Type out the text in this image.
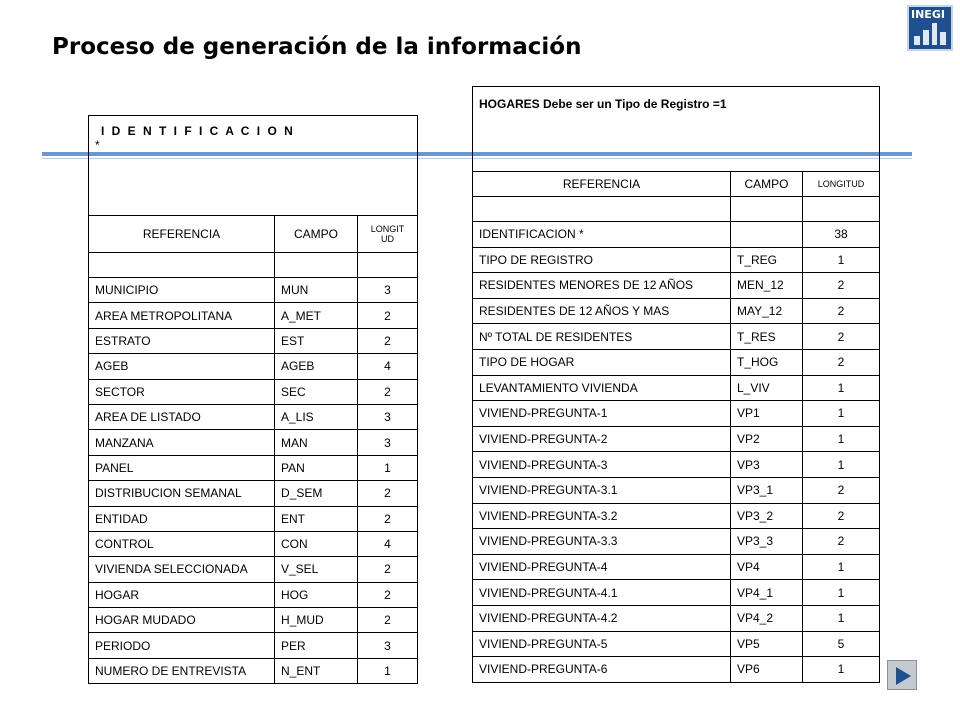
Proceso de generación de la información
INEGI
I D E N T I F I C A C I O N
*		

REFERENCIA	CAMPO	LONGIT UD

MUNICIPIO	MUN	3
AREA METROPOLITANA	A_MET	2
ESTRATO	EST	2
AGEB	AGEB	4
SECTOR	SEC	2
AREA DE LISTADO	A_LIS	3
MANZANA	MAN	3
PANEL	PAN	1
DISTRIBUCION SEMANAL	D_SEM	2
ENTIDAD	ENT	2
CONTROL	CON	4
VIVIENDA SELECCIONADA	V_SEL	2
HOGAR	HOG	2
HOGAR MUDADO	H_MUD	2
PERIODO	PER	3
NUMERO DE ENTREVISTA	N_ENT	1
HOGARES Debe ser un Tipo de Registro =1		
REFERENCIA	CAMPO	LONGITUD

IDENTIFICACION *		38
TIPO DE REGISTRO	T_REG	1
RESIDENTES MENORES DE 12 AÑOS	MEN_12	2
RESIDENTES DE 12 AÑOS Y MAS	MAY_12	2
Nº TOTAL DE RESIDENTES	T_RES	2
TIPO DE HOGAR	T_HOG	2
LEVANTAMIENTO VIVIENDA	L_VIV	1
VIVIEND-PREGUNTA-1	VP1	1
VIVIEND-PREGUNTA-2	VP2	1
VIVIEND-PREGUNTA-3	VP3	1
VIVIEND-PREGUNTA-3.1	VP3_1	2
VIVIEND-PREGUNTA-3.2	VP3_2	2
VIVIEND-PREGUNTA-3.3	VP3_3	2
VIVIEND-PREGUNTA-4	VP4	1
VIVIEND-PREGUNTA-4.1	VP4_1	1
VIVIEND-PREGUNTA-4.2	VP4_2	1
VIVIEND-PREGUNTA-5	VP5	5
VIVIEND-PREGUNTA-6	VP6	1
